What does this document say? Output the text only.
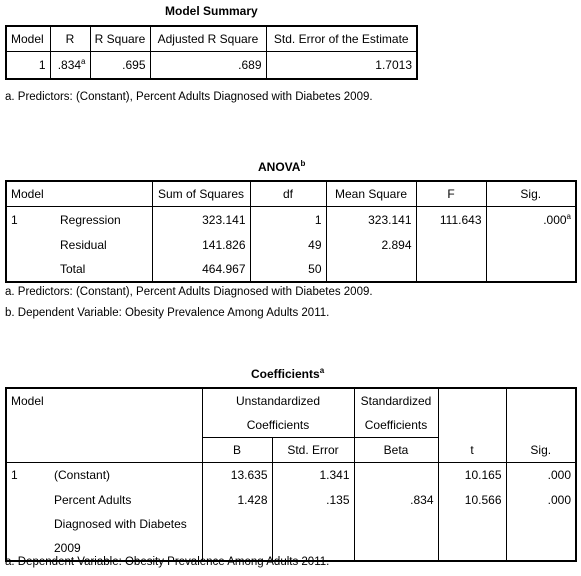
Model Summary
Model	R	R Square	Adjusted R Square	Std. Error of the Estimate
1	.834$^a$	.695	.689	1.7013
a. Predictors: (Constant), Percent Adults Diagnosed with Diabetes 2009.
ANOVA$^b$
Model		Sum of Squares	df	Mean Square	F	Sig.
1	Regression	323.141	1	323.141	111.643	.000$^a$
	Residual	141.826	49	2.894		
	Total	464.967	50			
a. Predictors: (Constant), Percent Adults Diagnosed with Diabetes 2009.
b. Dependent Variable: Obesity Prevalence Among Adults 2011.
Coefficients$^a$
Model		Unstandardized		Standardized		
		Coefficients		Coefficients		
		B	Std. Error	Beta	t	Sig.
1	(Constant)	13.635	1.341		10.165	.000
	Percent Adults	1.428	.135	.834	10.566	.000
	Diagnosed with Diabetes					
	2009					
a. Dependent Variable: Obesity Prevalence Among Adults 2011.
